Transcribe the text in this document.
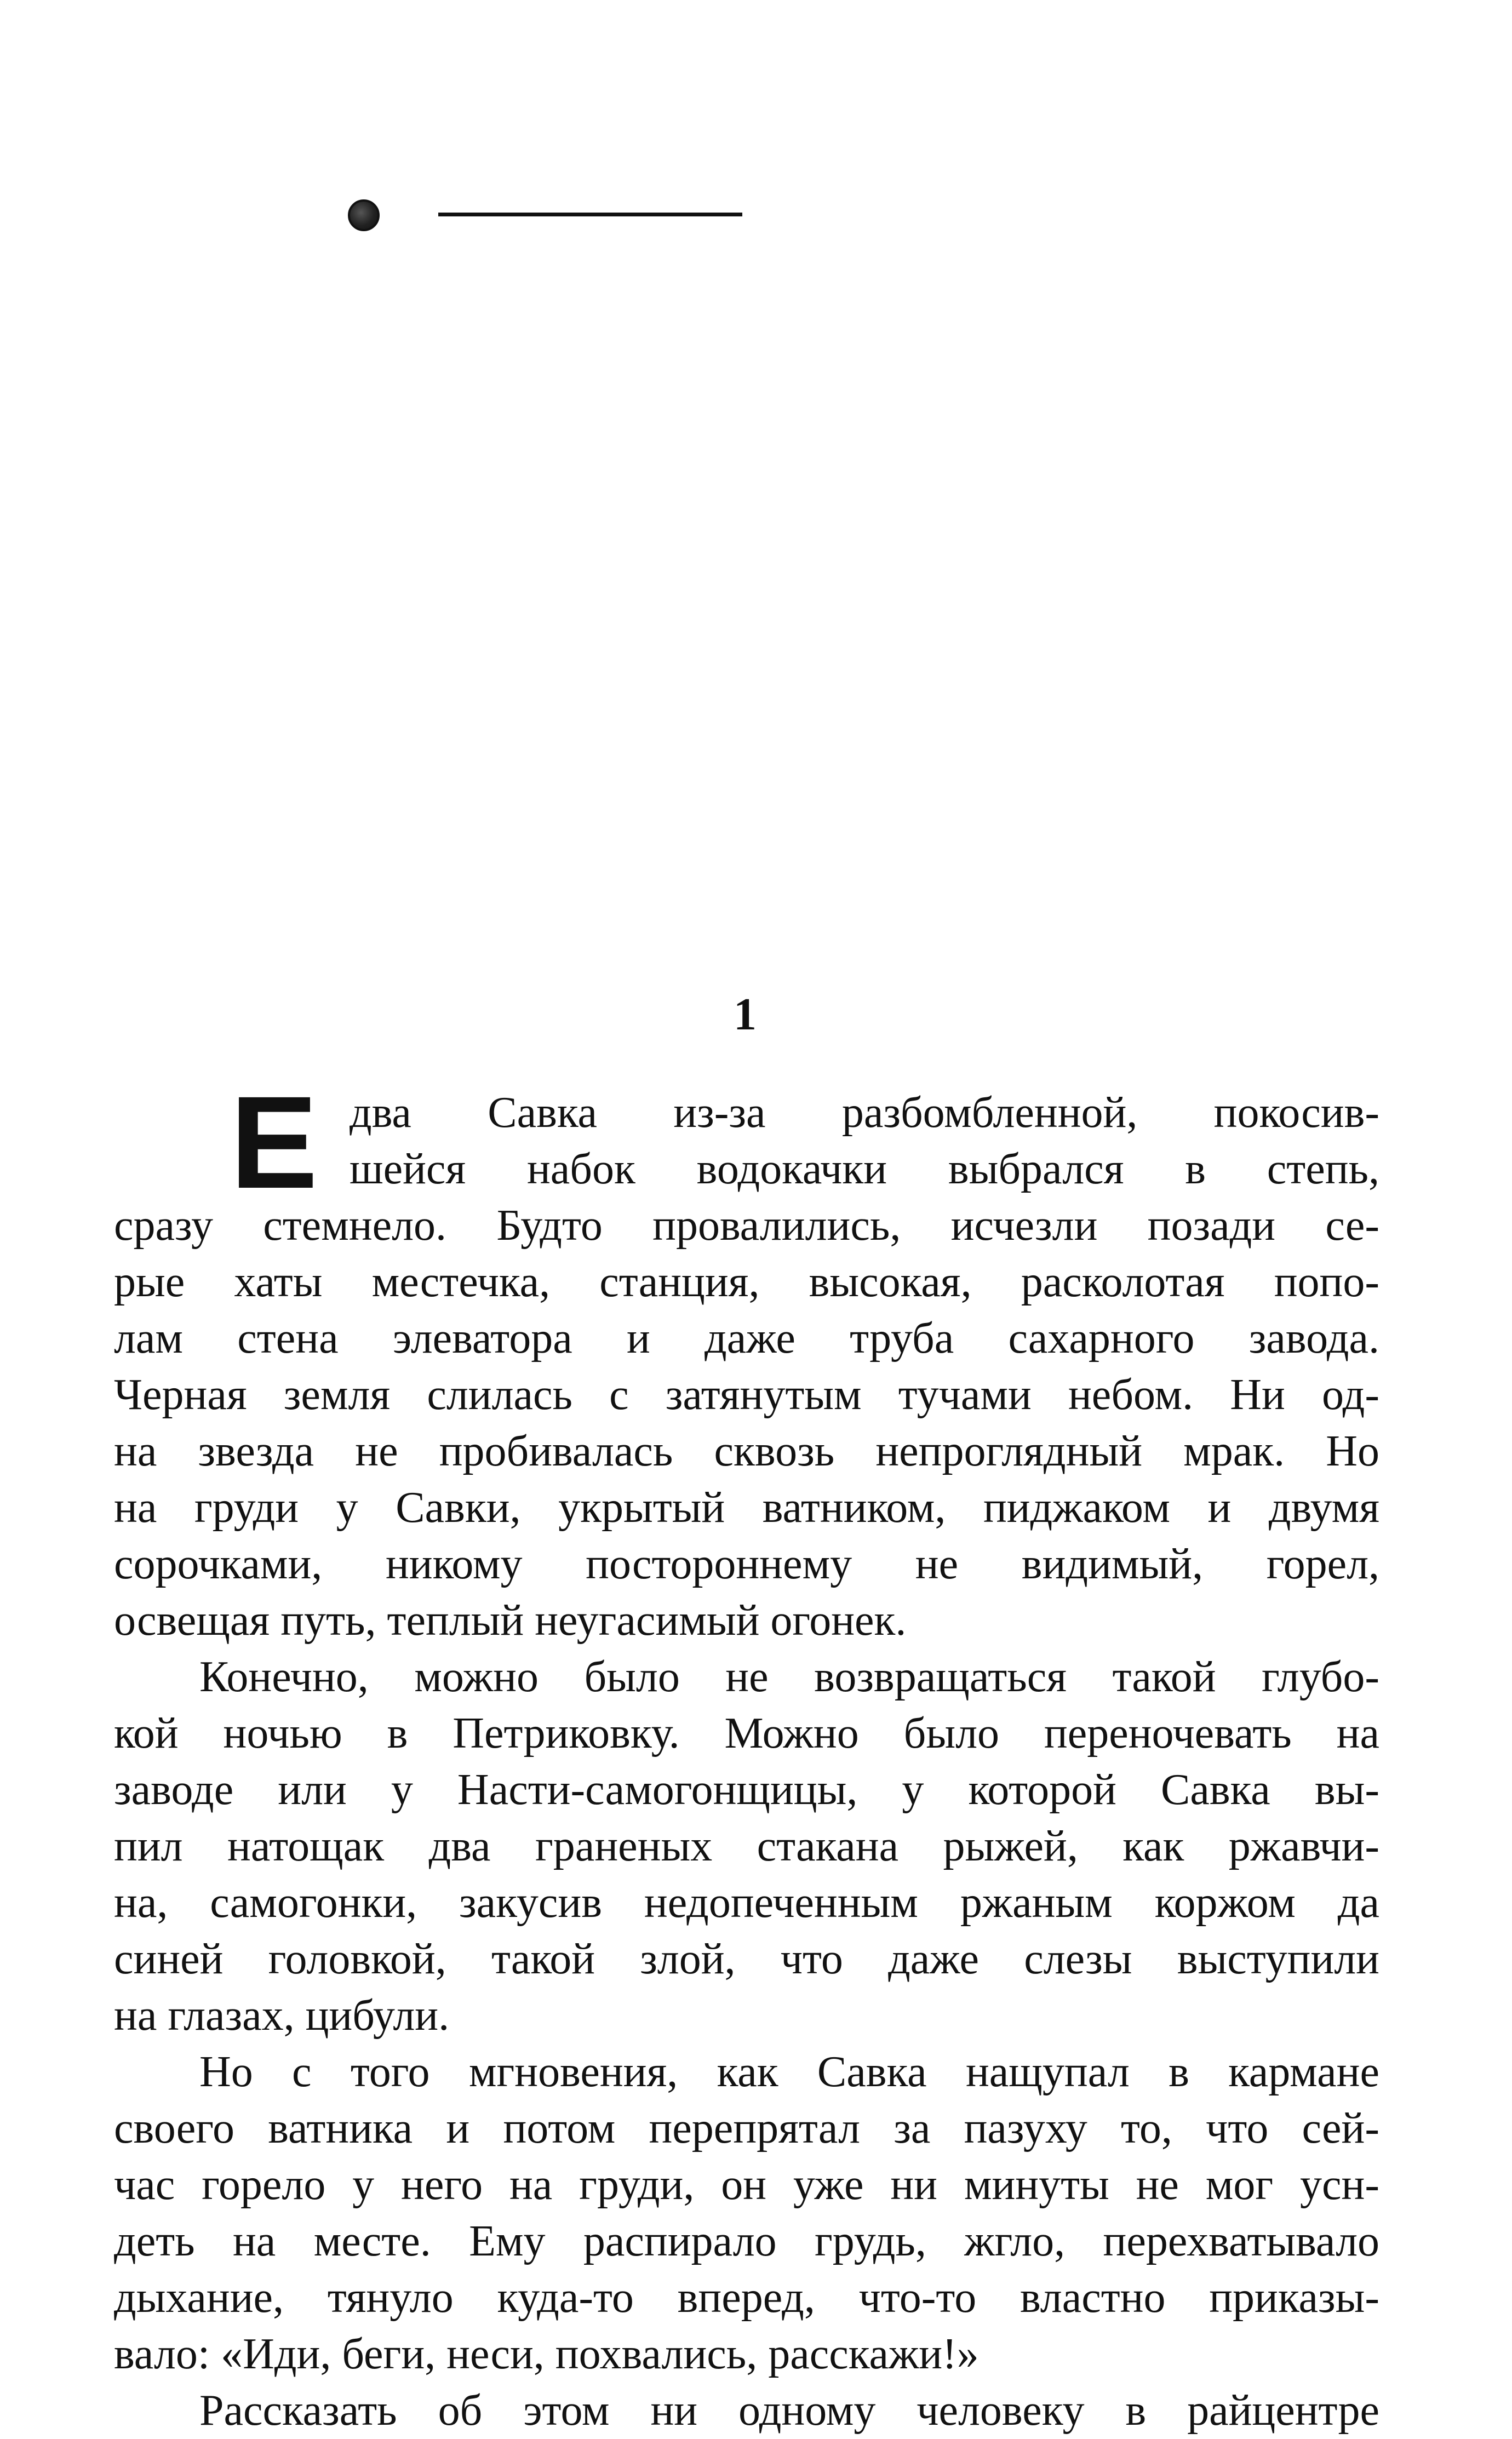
1
Е два Савка из-за разбомбленной, покосив-
шейся набок водокачки выбрался в степь,
сразу стемнело. Будто провалились, исчезли позади се-
рые хаты местечка, станция, высокая, расколотая попо-
лам стена элеватора и даже труба сахарного завода.
Черная земля слилась с затянутым тучами небом. Ни од-
на звезда не пробивалась сквозь непроглядный мрак. Но
на груди у Савки, укрытый ватником, пиджаком и двумя
сорочками, никому постороннему не видимый, горел,
освещая путь, теплый неугасимый огонек.
Конечно, можно было не возвращаться такой глубо-
кой ночью в Петриковку. Можно было переночевать на
заводе или у Насти-самогонщицы, у которой Савка вы-
пил натощак два граненых стакана рыжей, как ржавчи-
на, самогонки, закусив недопеченным ржаным коржом да
синей головкой, такой злой, что даже слезы выступили
на глазах, цибули.
Но с того мгновения, как Савка нащупал в кармане
своего ватника и потом перепрятал за пазуху то, что сей-
час горело у него на груди, он уже ни минуты не мог усн-
деть на месте. Ему распирало грудь, жгло, перехватывало
дыхание, тянуло куда-то вперед, что-то властно приказы-
вало: «Иди, беги, неси, похвались, расскажи!»
Рассказать об этом ни одному человеку в райцентре
